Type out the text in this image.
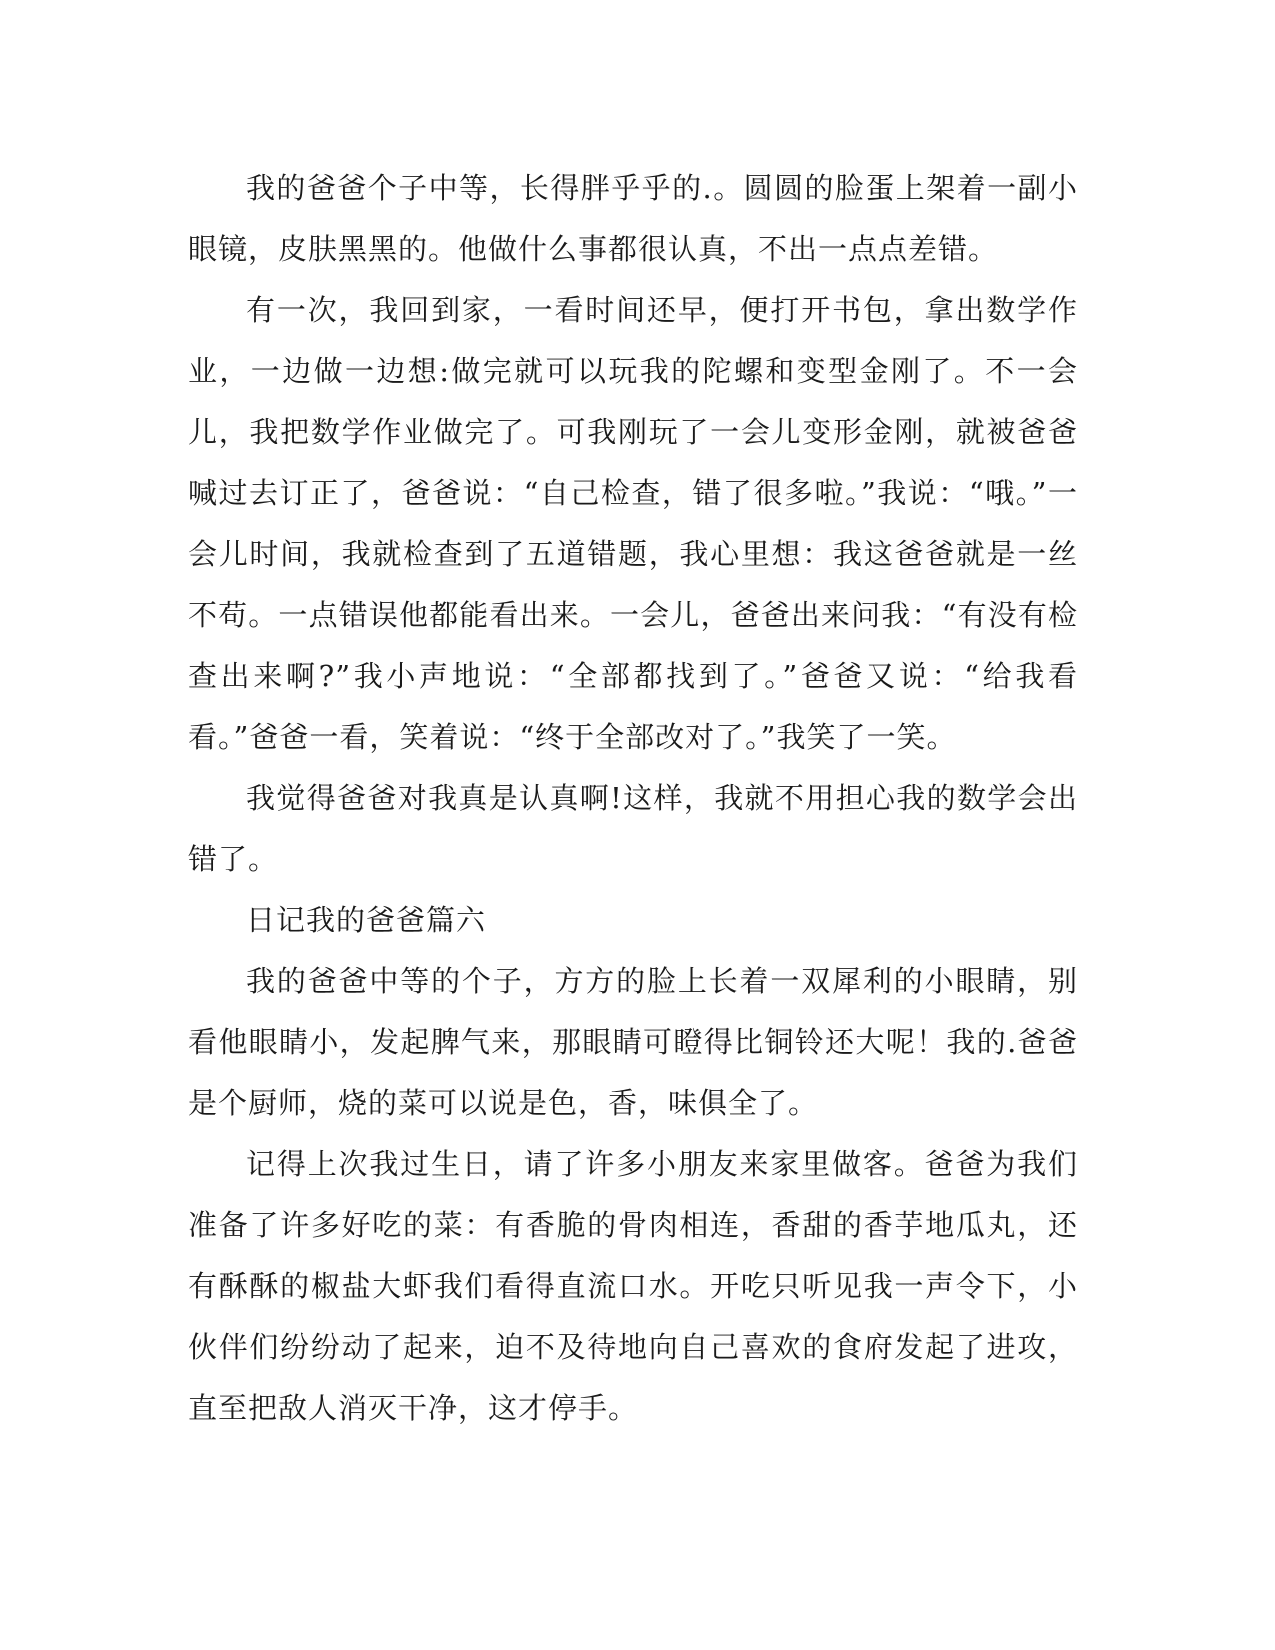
我的爸爸个子中等，长得胖乎乎的.。圆圆的脸蛋上架着一副小眼镜，皮肤黑黑的。他做什么事都很认真，不出一点点差错。

有一次，我回到家，一看时间还早，便打开书包，拿出数学作业，一边做一边想:做完就可以玩我的陀螺和变型金刚了。不一会儿，我把数学作业做完了。可我刚玩了一会儿变形金刚，就被爸爸喊过去订正了，爸爸说：“自己检查，错了很多啦。”我说：“哦。”一会儿时间，我就检查到了五道错题，我心里想：我这爸爸就是一丝不苟。一点错误他都能看出来。一会儿，爸爸出来问我：“有没有检查出来啊?”我小声地说：“全部都找到了。”爸爸又说：“给我看看。”爸爸一看，笑着说：“终于全部改对了。”我笑了一笑。

我觉得爸爸对我真是认真啊!这样，我就不用担心我的数学会出错了。

日记我的爸爸篇六

我的爸爸中等的个子，方方的脸上长着一双犀利的小眼睛，别看他眼睛小，发起脾气来，那眼睛可瞪得比铜铃还大呢！我的.爸爸是个厨师，烧的菜可以说是色，香，味俱全了。

记得上次我过生日，请了许多小朋友来家里做客。爸爸为我们准备了许多好吃的菜：有香脆的骨肉相连，香甜的香芋地瓜丸，还有酥酥的椒盐大虾我们看得直流口水。开吃只听见我一声令下，小伙伴们纷纷动了起来，迫不及待地向自己喜欢的食府发起了进攻，直至把敌人消灭干净，这才停手。
